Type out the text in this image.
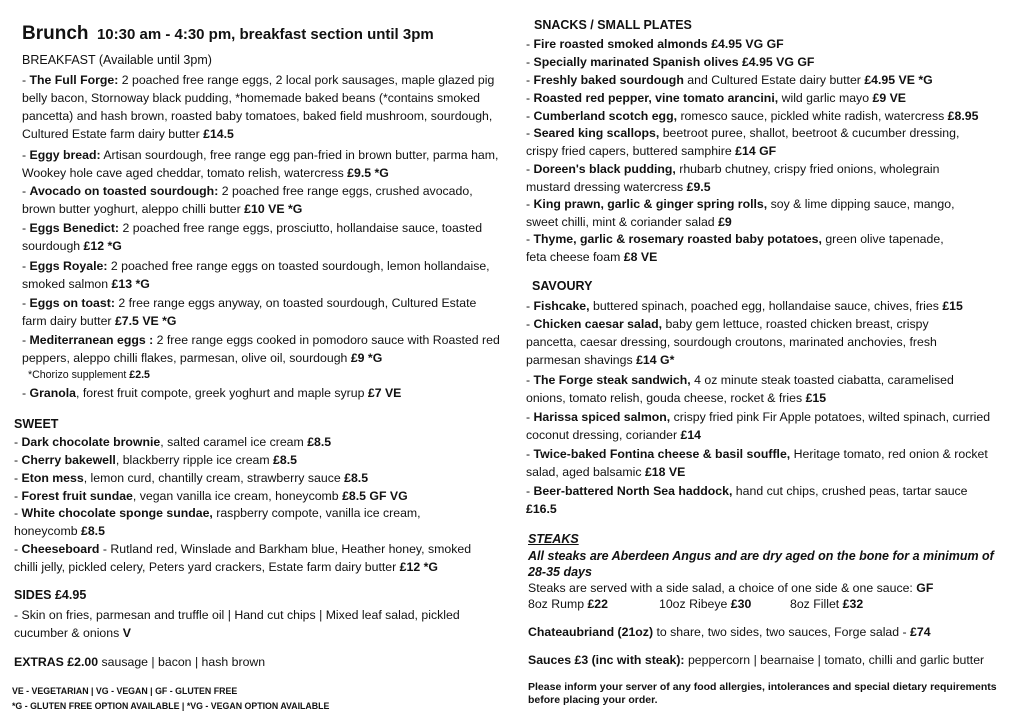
Brunch 10:30 am - 4:30 pm, breakfast section until 3pm
BREAKFAST (Available until 3pm)
- The Full Forge: 2 poached free range eggs, 2 local pork sausages, maple glazed pig belly bacon, Stornoway black pudding, *homemade baked beans (*contains smoked pancetta) and hash brown, roasted baby tomatoes, baked field mushroom, sourdough, Cultured Estate farm dairy butter £14.5
- Eggy bread: Artisan sourdough, free range egg pan-fried in brown butter, parma ham, Wookey hole cave aged cheddar, tomato relish, watercress £9.5 *G
- Avocado on toasted sourdough: 2 poached free range eggs, crushed avocado, brown butter yoghurt, aleppo chilli butter £10 VE *G
- Eggs Benedict: 2 poached free range eggs, prosciutto, hollandaise sauce, toasted sourdough £12 *G
- Eggs Royale: 2 poached free range eggs on toasted sourdough, lemon hollandaise, smoked salmon £13 *G
- Eggs on toast: 2 free range eggs anyway, on toasted sourdough, Cultured Estate farm dairy butter £7.5 VE *G
- Mediterranean eggs : 2 free range eggs cooked in pomodoro sauce with Roasted red peppers, aleppo chilli flakes, parmesan, olive oil, sourdough £9 *G
*Chorizo supplement £2.5
- Granola, forest fruit compote, greek yoghurt and maple syrup £7 VE
SWEET
- Dark chocolate brownie, salted caramel ice cream £8.5
- Cherry bakewell, blackberry ripple ice cream £8.5
- Eton mess, lemon curd, chantilly cream, strawberry sauce £8.5
- Forest fruit sundae, vegan vanilla ice cream, honeycomb £8.5 GF VG
- White chocolate sponge sundae, raspberry compote, vanilla ice cream, honeycomb £8.5
- Cheeseboard - Rutland red, Winslade and Barkham blue, Heather honey, smoked chilli jelly, pickled celery, Peters yard crackers, Estate farm dairy butter £12 *G
SIDES £4.95
- Skin on fries, parmesan and truffle oil | Hand cut chips | Mixed leaf salad, pickled cucumber & onions V
EXTRAS £2.00 sausage | bacon | hash brown
VE - VEGETARIAN | VG - VEGAN | GF - GLUTEN FREE
*G - GLUTEN FREE OPTION AVAILABLE | *VG - VEGAN OPTION AVAILABLE
SNACKS / SMALL PLATES
- Fire roasted smoked almonds £4.95 VG GF
- Specially marinated Spanish olives £4.95 VG GF
- Freshly baked sourdough and Cultured Estate dairy butter £4.95 VE *G
- Roasted red pepper, vine tomato arancini, wild garlic mayo £9 VE
- Cumberland scotch egg, romesco sauce, pickled white radish, watercress £8.95
- Seared king scallops, beetroot puree, shallot, beetroot & cucumber dressing, crispy fried capers, buttered samphire £14 GF
- Doreen's black pudding, rhubarb chutney, crispy fried onions, wholegrain mustard dressing watercress £9.5
- King prawn, garlic & ginger spring rolls, soy & lime dipping sauce, mango, sweet chilli, mint & coriander salad £9
- Thyme, garlic & rosemary roasted baby potatoes, green olive tapenade, feta cheese foam £8 VE
SAVOURY
- Fishcake, buttered spinach, poached egg, hollandaise sauce, chives, fries £15
- Chicken caesar salad, baby gem lettuce, roasted chicken breast, crispy pancetta, caesar dressing, sourdough croutons, marinated anchovies, fresh parmesan shavings £14 G*
- The Forge steak sandwich, 4 oz minute steak toasted ciabatta, caramelised onions, tomato relish, gouda cheese, rocket & fries £15
- Harissa spiced salmon, crispy fried pink Fir Apple potatoes, wilted spinach, curried coconut dressing, coriander £14
- Twice-baked Fontina cheese & basil souffle, Heritage tomato, red onion & rocket salad, aged balsamic £18 VE
- Beer-battered North Sea haddock, hand cut chips, crushed peas, tartar sauce £16.5
STEAKS
All steaks are Aberdeen Angus and are dry aged on the bone for a minimum of 28-35 days
Steaks are served with a side salad, a choice of one side & one sauce: GF
8oz Rump £22	10oz Ribeye £30	8oz Fillet £32
Chateaubriand (21oz) to share, two sides, two sauces, Forge salad - £74
Sauces £3 (inc with steak): peppercorn | bearnaise | tomato, chilli and garlic butter
Please inform your server of any food allergies, intolerances and special dietary requirements before placing your order.
